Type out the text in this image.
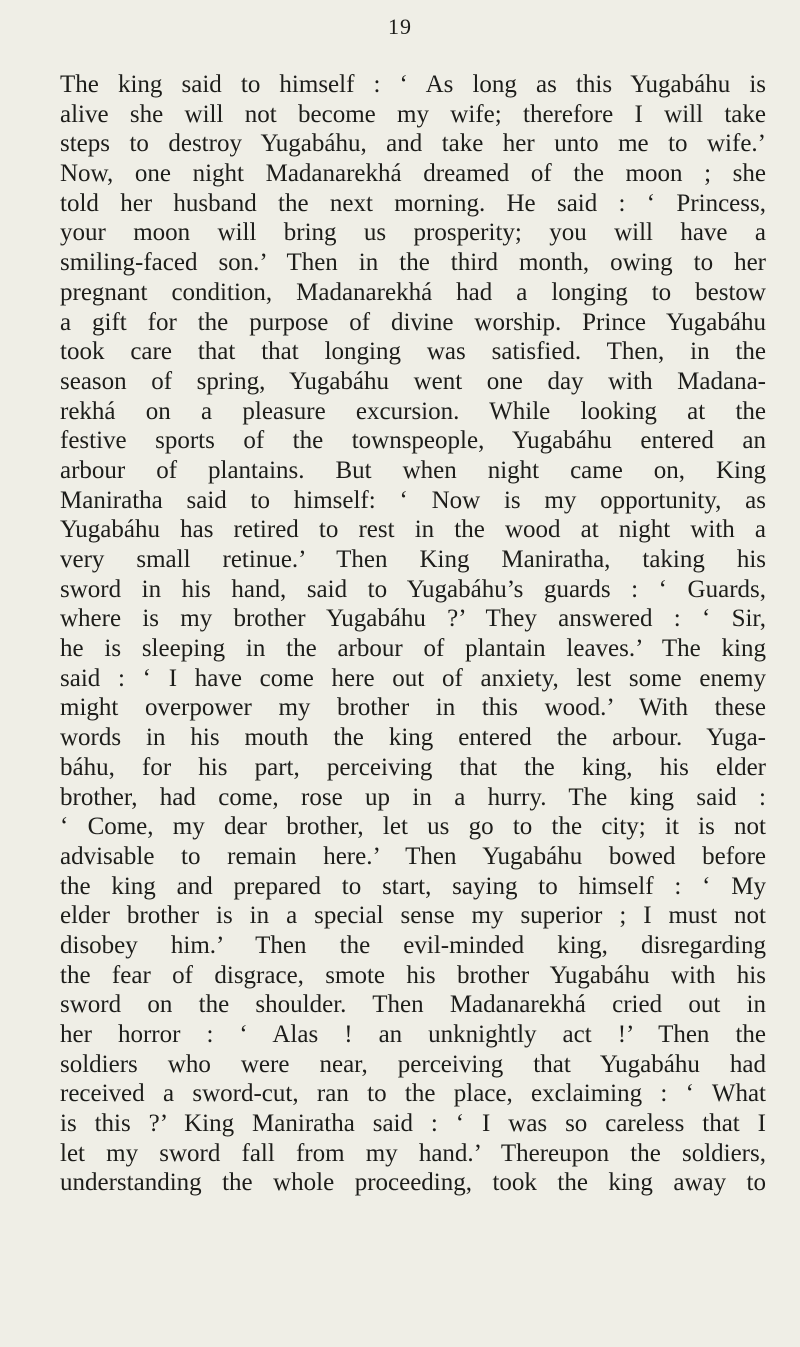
19
The king said to himself : ‘ As long as this Yugabáhu is
alive she will not become my wife; therefore I will take
steps to destroy Yugabáhu, and take her unto me to wife.’
Now, one night Madanarekhá dreamed of the moon ; she
told her husband the next morning. He said : ‘ Princess,
your moon will bring us prosperity; you will have a
smiling-faced son.’ Then in the third month, owing to her
pregnant condition, Madanarekhá had a longing to bestow
a gift for the purpose of divine worship. Prince Yugabáhu
took care that that longing was satisfied. Then, in the
season of spring, Yugabáhu went one day with Madana-
rekhá on a pleasure excursion. While looking at the
festive sports of the townspeople, Yugabáhu entered an
arbour of plantains. But when night came on, King
Maniratha said to himself: ‘ Now is my opportunity, as
Yugabáhu has retired to rest in the wood at night with a
very small retinue.’ Then King Maniratha, taking his
sword in his hand, said to Yugabáhu’s guards : ‘ Guards,
where is my brother Yugabáhu ?’ They answered : ‘ Sir,
he is sleeping in the arbour of plantain leaves.’ The king
said : ‘ I have come here out of anxiety, lest some enemy
might overpower my brother in this wood.’ With these
words in his mouth the king entered the arbour. Yuga-
báhu, for his part, perceiving that the king, his elder
brother, had come, rose up in a hurry. The king said :
‘ Come, my dear brother, let us go to the city; it is not
advisable to remain here.’ Then Yugabáhu bowed before
the king and prepared to start, saying to himself : ‘ My
elder brother is in a special sense my superior ; I must not
disobey him.’ Then the evil-minded king, disregarding
the fear of disgrace, smote his brother Yugabáhu with his
sword on the shoulder. Then Madanarekhá cried out in
her horror : ‘ Alas ! an unknightly act !’ Then the
soldiers who were near, perceiving that Yugabáhu had
received a sword-cut, ran to the place, exclaiming : ‘ What
is this ?’ King Maniratha said : ‘ I was so careless that I
let my sword fall from my hand.’ Thereupon the soldiers,
understanding the whole proceeding, took the king away to
